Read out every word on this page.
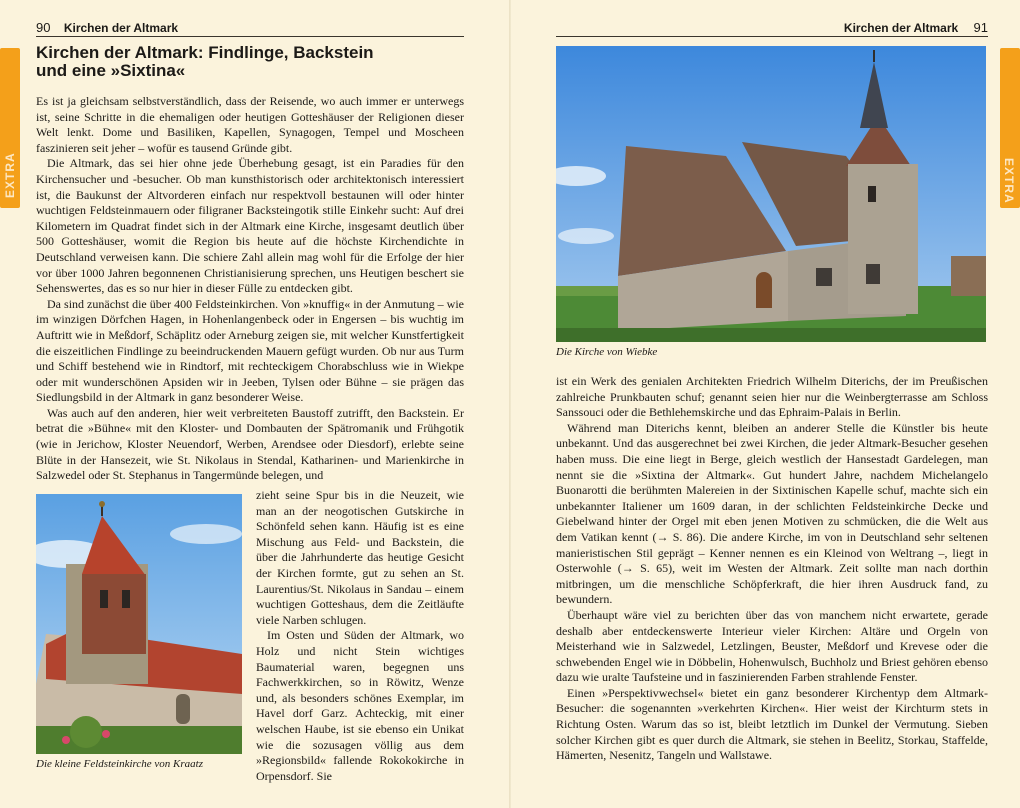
90 Kirchen der Altmark
EXTRA
Kirchen der Altmark: Findlinge, Backstein
und eine »Sixtina«

Es ist ja gleichsam selbstverständlich, dass der Reisende, wo auch immer er unterwegs ist, seine Schritte in die ehemaligen oder heutigen Gotteshäuser der Religionen dieser Welt lenkt. Dome und Basiliken, Kapellen, Synagogen, Tempel und Moscheen faszinieren seit jeher – wofür es tausend Gründe gibt.

Die Altmark, das sei hier ohne jede Überhebung gesagt, ist ein Paradies für den Kirchensucher und -besucher. Ob man kunsthistorisch oder architektonisch interessiert ist, die Baukunst der Altvorderen einfach nur respektvoll bestaunen will oder hinter wuchtigen Feldsteinmauern oder filigraner Backsteingotik stille Einkehr sucht: Auf drei Kilometern im Quadrat findet sich in der Altmark eine Kirche, insgesamt deutlich über 500 Gotteshäuser, womit die Region bis heute auf die höchste Kirchendichte in Deutschland verweisen kann. Die schiere Zahl allein mag wohl für die Erfolge der hier vor über 1000 Jahren begonnenen Christianisierung sprechen, uns Heutigen beschert sie Sehenswertes, das es so nur hier in dieser Fülle zu entdecken gibt.

Da sind zunächst die über 400 Feldsteinkirchen. Von »knuffig« in der Anmutung – wie im winzigen Dörfchen Hagen, in Hohenlangenbeck oder in Engersen – bis wuchtig im Auftritt wie in Meßdorf, Schäplitz oder Arneburg zeigen sie, mit welcher Kunstfertigkeit die eiszeitlichen Findlinge zu beeindruckenden Mauern gefügt wurden. Ob nur aus Turm und Schiff bestehend wie in Rindtorf, mit rechteckigem Chorabschluss wie in Wiekpe oder mit wunderschönen Apsiden wir in Jeeben, Tylsen oder Bühne – sie prägen das Siedlungsbild in der Altmark in ganz besonderer Weise.

Was auch auf den anderen, hier weit verbreiteten Baustoff zutrifft, den Backstein. Er betrat die »Bühne« mit den Kloster- und Dombauten der Spätromanik und Frühgotik (wie in Jerichow, Kloster Neuendorf, Werben, Arendsee oder Diesdorf), erlebte seine Blüte in der Hansezeit, wie St. Nikolaus in Stendal, Katharinen- und Marienkirche in Salzwedel oder St. Stephanus in Tangermünde belegen, und

Die kleine Feldsteinkirche von Kraatz

zieht seine Spur bis in die Neuzeit, wie man an der neogotischen Gutskirche in Schönfeld sehen kann. Häufig ist es eine Mischung aus Feld- und Backstein, die über die Jahrhunderte das heutige Gesicht der Kirchen formte, gut zu sehen an St. Laurentius/St. Nikolaus in Sandau – einem wuchtigen Gotteshaus, dem die Zeitläufte viele Narben schlugen.

Im Osten und Süden der Altmark, wo Holz und nicht Stein wichtiges Baumaterial waren, begegnen uns Fachwerkkirchen, so in Röwitz, Wenze und, als besonders schönes Exemplar, im Havel dorf Garz. Achteckig, mit einer welschen Haube, ist sie ebenso ein Unikat wie die sozusagen völlig aus dem »Regionsbild« fallende Rokokokirche in Orpensdorf. Sie

Kirchen der Altmark 91
EXTRA
Die Kirche von Wiebke

ist ein Werk des genialen Architekten Friedrich Wilhelm Diterichs, der im Preußischen zahlreiche Prunkbauten schuf; genannt seien hier nur die Weinbergterrasse am Schloss Sanssouci oder die Bethlehemskirche und das Ephraim-Palais in Berlin.

Während man Diterichs kennt, bleiben an anderer Stelle die Künstler bis heute unbekannt. Und das ausgerechnet bei zwei Kirchen, die jeder Altmark-Besucher gesehen haben muss. Die eine liegt in Berge, gleich westlich der Hansestadt Gardelegen, man nennt sie die »Sixtina der Altmark«. Gut hundert Jahre, nachdem Michelangelo Buonarotti die berühmten Malereien in der Sixtinischen Kapelle schuf, machte sich ein unbekannter Italiener um 1609 daran, in der schlichten Feldsteinkirche Decke und Giebelwand hinter der Orgel mit eben jenen Motiven zu schmücken, die die Welt aus dem Vatikan kennt (→ S. 86). Die andere Kirche, im von in Deutschland sehr seltenen manieristischen Stil geprägt – Kenner nennen es ein Kleinod von Weltrang –, liegt in Osterwohle (→ S. 65), weit im Westen der Altmark. Zeit sollte man nach dorthin mitbringen, um die menschliche Schöpferkraft, die hier ihren Ausdruck fand, zu bewundern.

Überhaupt wäre viel zu berichten über das von manchem nicht erwartete, gerade deshalb aber entdeckenswerte Interieur vieler Kirchen: Altäre und Orgeln von Meisterhand wie in Salzwedel, Letzlingen, Beuster, Meßdorf und Krevese oder die schwebenden Engel wie in Döbbelin, Hohenwulsch, Buchholz und Briest gehören ebenso dazu wie uralte Taufsteine und in faszinierenden Farben strahlende Fenster.

Einen »Perspektivwechsel« bietet ein ganz besonderer Kirchentyp dem Altmark-Besucher: die sogenannten »verkehrten Kirchen«. Hier weist der Kirchturm stets in Richtung Osten. Warum das so ist, bleibt letztlich im Dunkel der Vermutung. Sieben solcher Kirchen gibt es quer durch die Altmark, sie stehen in Beelitz, Storkau, Staffelde, Hämerten, Nesenitz, Tangeln und Wallstawe.
